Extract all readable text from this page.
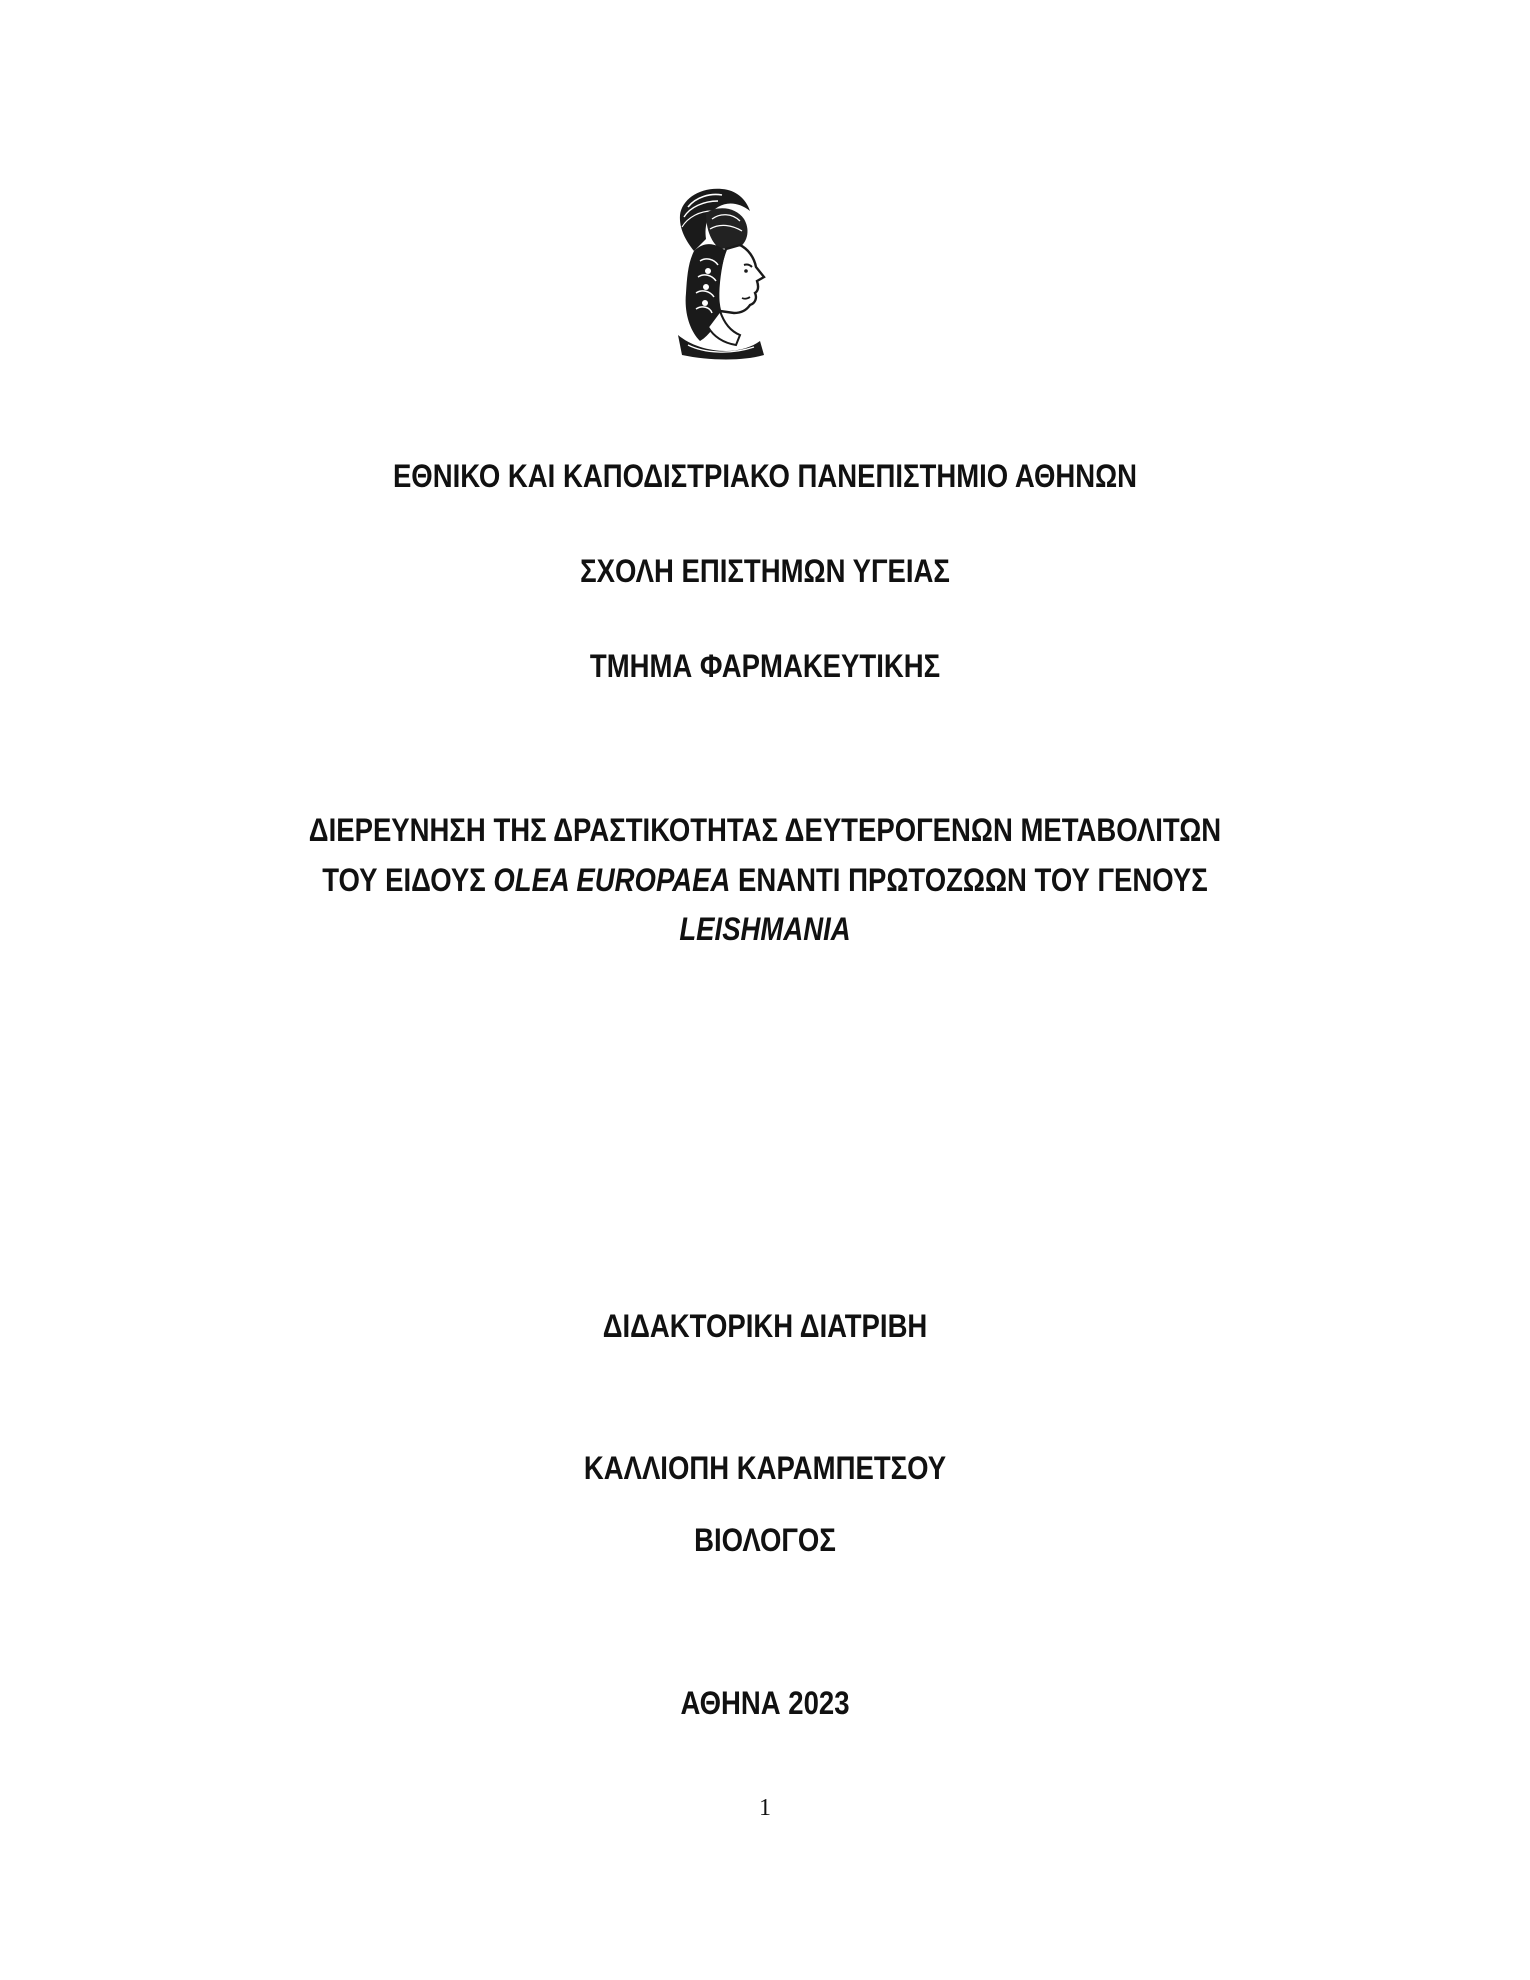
ΕΘΝΙΚΟ ΚΑΙ ΚΑΠΟΔΙΣΤΡΙΑΚΟ ΠΑΝΕΠΙΣΤΗΜΙΟ ΑΘΗΝΩΝ
ΣΧΟΛΗ ΕΠΙΣΤΗΜΩΝ ΥΓΕΙΑΣ
ΤΜΗΜΑ ΦΑΡΜΑΚΕΥΤΙΚΗΣ
ΔΙΕΡΕΥΝΗΣΗ ΤΗΣ ΔΡΑΣΤΙΚΟΤΗΤΑΣ ΔΕΥΤΕΡΟΓΕΝΩΝ ΜΕΤΑΒΟΛΙΤΩΝ
ΤΟΥ ΕΙΔΟΥΣ OLEA EUROPAEA ΕΝΑΝΤΙ ΠΡΩΤΟΖΩΩΝ ΤΟΥ ΓΕΝΟΥΣ
LEISHMANIA
ΔΙΔΑΚΤΟΡΙΚΗ ΔΙΑΤΡΙΒΗ
ΚΑΛΛΙΟΠΗ ΚΑΡΑΜΠΕΤΣΟΥ
ΒΙΟΛΟΓΟΣ
ΑΘΗΝΑ 2023
1
